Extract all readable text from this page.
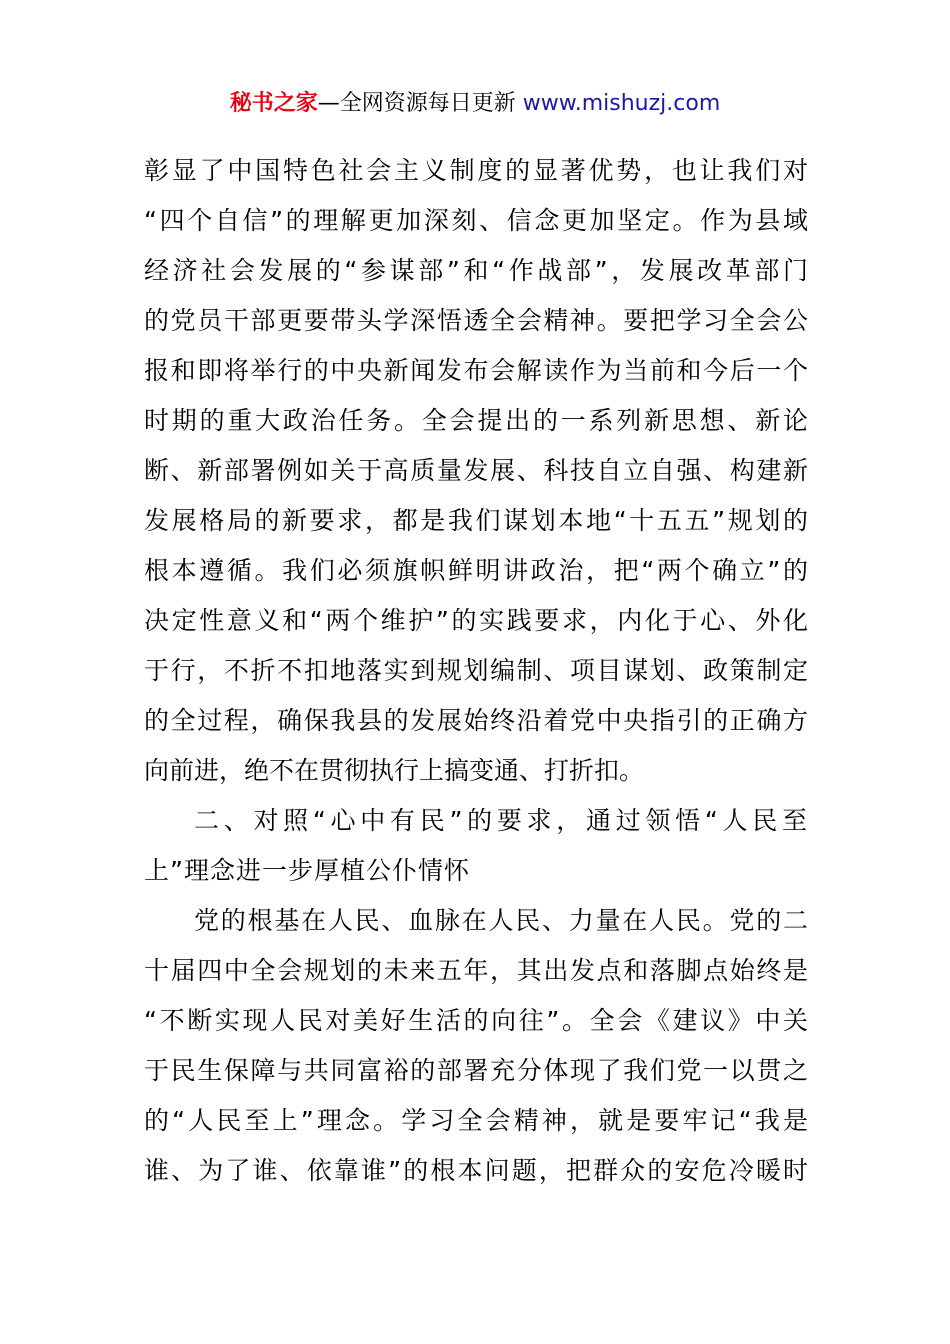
秘书之家—全网资源每日更新 www.mishuzj.com
彰显了中国特色社会主义制度的显著优势，也让我们对
“四个自信”的理解更加深刻、信念更加坚定。作为县域
经济社会发展的“参谋部”和“作战部”，发展改革部门
的党员干部更要带头学深悟透全会精神。要把学习全会公
报和即将举行的中央新闻发布会解读作为当前和今后一个
时期的重大政治任务。全会提出的一系列新思想、新论
断、新部署例如关于高质量发展、科技自立自强、构建新
发展格局的新要求，都是我们谋划本地“十五五”规划的
根本遵循。我们必须旗帜鲜明讲政治，把“两个确立”的
决定性意义和“两个维护”的实践要求，内化于心、外化
于行，不折不扣地落实到规划编制、项目谋划、政策制定
的全过程，确保我县的发展始终沿着党中央指引的正确方
向前进，绝不在贯彻执行上搞变通、打折扣。
二、对照“心中有民”的要求，通过领悟“人民至
上”理念进一步厚植公仆情怀
党的根基在人民、血脉在人民、力量在人民。党的二
十届四中全会规划的未来五年，其出发点和落脚点始终是
“不断实现人民对美好生活的向往”。全会《建议》中关
于民生保障与共同富裕的部署充分体现了我们党一以贯之
的“人民至上”理念。学习全会精神，就是要牢记“我是
谁、为了谁、依靠谁”的根本问题，把群众的安危冷暖时
